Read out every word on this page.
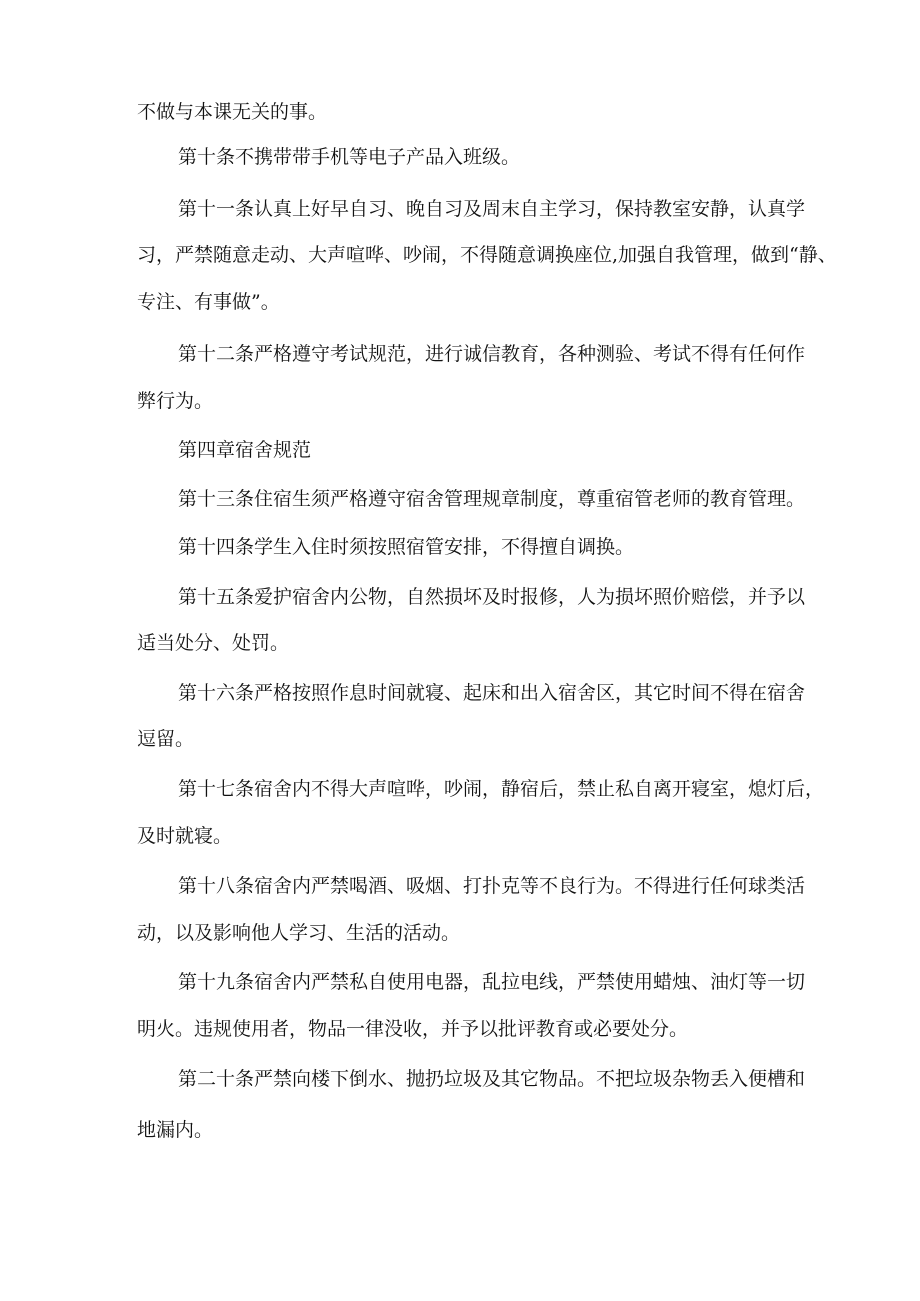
不做与本课无关的事。
第十条不携带带手机等电子产品入班级。
第十一条认真上好早自习、晚自习及周末自主学习，保持教室安静，认真学
习，严禁随意走动、大声喧哗、吵闹，不得随意调换座位,加强自我管理，做到“静、
专注、有事做”。
第十二条严格遵守考试规范，进行诚信教育，各种测验、考试不得有任何作
弊行为。
第四章宿舍规范
第十三条住宿生须严格遵守宿舍管理规章制度，尊重宿管老师的教育管理。
第十四条学生入住时须按照宿管安排，不得擅自调换。
第十五条爱护宿舍内公物，自然损坏及时报修，人为损坏照价赔偿，并予以
适当处分、处罚。
第十六条严格按照作息时间就寝、起床和出入宿舍区，其它时间不得在宿舍
逗留。
第十七条宿舍内不得大声喧哗，吵闹，静宿后，禁止私自离开寝室，熄灯后，
及时就寝。
第十八条宿舍内严禁喝酒、吸烟、打扑克等不良行为。不得进行任何球类活
动，以及影响他人学习、生活的活动。
第十九条宿舍内严禁私自使用电器，乱拉电线，严禁使用蜡烛、油灯等一切
明火。违规使用者，物品一律没收，并予以批评教育或必要处分。
第二十条严禁向楼下倒水、抛扔垃圾及其它物品。不把垃圾杂物丢入便槽和
地漏内。
